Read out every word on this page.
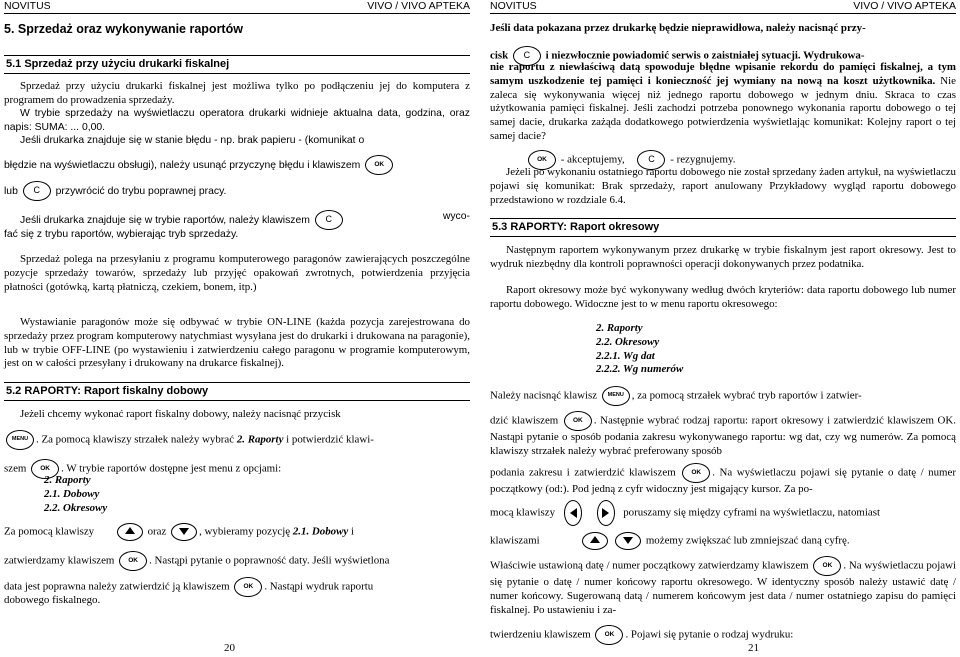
NOVITUS	VIVO / VIVO APTEKA
5. Sprzedaż oraz wykonywanie raportów
5.1 Sprzedaż przy użyciu drukarki fiskalnej

Sprzedaż przy użyciu drukarki fiskalnej jest możliwa tylko po podłączeniu jej do komputera z programem do prowadzenia sprzedaży.

W trybie sprzedaży na wyświetlaczu operatora drukarki widnieje aktualna data, godzina, oraz napis: SUMA: ... 0,00.

Jeśli drukarka znajduje się w stanie błędu - np. brak papieru - (komunikat o

błędzie na wyświetlaczu obsługi), należy usunąć przyczynę błędu i klawiszem OK
lub C przywrócić do trybu poprawnej pracy.
Jeśli drukarka znajduje się w trybie raportów, należy klawiszem C	wyco-

fać się z trybu raportów, wybierając tryb sprzedaży.

Sprzedaż polega na przesyłaniu z programu komputerowego paragonów zawierających poszczególne pozycje sprzedaży towarów, sprzedaży lub przyjęć opakowań zwrotnych, potwierdzenia przyjęcia płatności (gotówką, kartą płatniczą, czekiem, bonem, itp.)

Wystawianie paragonów może się odbywać w trybie ON-LINE (każda pozycja zarejestrowana do sprzedaży przez program komputerowy natychmiast wysyłana jest do drukarki i drukowana na paragonie), lub w trybie OFF-LINE (po wystawieniu i zatwierdzeniu całego paragonu w programie komputerowym, jest on w całości przesyłany i drukowany na drukarce fiskalnej).

5.2 RAPORTY: Raport fiskalny dobowy

Jeżeli chcemy wykonać raport fiskalny dobowy, należy nacisnąć przycisk

MENU . Za pomocą klawiszy strzałek należy wybrać 2. Raporty i potwierdzić klawi-
szem OK . W trybie raportów dostępne jest menu z opcjami:
2. Raporty
2.1. Dobowy
2.2. Okresowy
Za pomocą klawiszy	oraz	, wybieramy pozycję 2.1. Dobowy i
zatwierdzamy klawiszem OK . Nastąpi pytanie o poprawność daty. Jeśli wyświetlona
data jest poprawna należy zatwierdzić ją klawiszem OK . Nastąpi wydruk raportu

dobowego fiskalnego.

20
NOVITUS	VIVO / VIVO APTEKA

Jeśli data pokazana przez drukarkę będzie nieprawidłowa, należy nacisnąć przy-

cisk C i niezwłocznie powiadomić serwis o zaistniałej sytuacji. Wydrukowa-

nie raportu z niewłaściwą datą spowoduje błędne wpisanie rekordu do pamięci fiskalnej, a tym samym uszkodzenie tej pamięci i konieczność jej wymiany na nową na koszt użytkownika. Nie zaleca się wykonywania więcej niż jednego raportu dobowego w jednym dniu. Skraca to czas użytkowania pamięci fiskalnej. Jeśli zachodzi potrzeba ponownego wykonania raportu dobowego o tej samej dacie, drukarka zażąda dodatkowego potwierdzenia wyświetlając komunikat: Kolejny raport o tej samej dacie?

OK - akceptujemy,	C - rezygnujemy.

Jeżeli po wykonaniu ostatniego raportu dobowego nie został sprzedany żaden artykuł, na wyświetlaczu pojawi się komunikat: Brak sprzedaży, raport anulowany Przykładowy wygląd raportu dobowego przedstawiono w rozdziale 6.4.

5.3 RAPORTY: Raport okresowy

Następnym raportem wykonywanym przez drukarkę w trybie fiskalnym jest raport okresowy. Jest to wydruk niezbędny dla kontroli poprawności operacji dokonywanych przez podatnika.

Raport okresowy może być wykonywany według dwóch kryteriów: data raportu dobowego lub numer raportu dobowego. Widoczne jest to w menu raportu okresowego:

2. Raporty
2.2. Okresowy
2.2.1. Wg dat
2.2.2. Wg numerów
Należy nacisnąć klawisz MENU , za pomocą strzałek wybrać tryb raportów i zatwier-
dzić klawiszem OK . Następnie wybrać rodzaj raportu: raport okresowy i zatwierdzić klawiszem OK. Nastąpi pytanie o sposób podania zakresu wykonywanego raportu: wg dat, czy wg numerów. Za pomocą klawiszy strzałek należy wybrać preferowany sposób
podania zakresu i zatwierdzić klawiszem OK . Na wyświetlaczu pojawi się pytanie o datę / numer początkowy (od:). Pod jedną z cyfr widoczny jest migający kursor. Za po-
mocą klawiszy	poruszamy się między cyframi na wyświetlaczu, natomiast
klawiszami	możemy zwiększać lub zmniejszać daną cyfrę.
Właściwie ustawioną datę / numer początkowy zatwierdzamy klawiszem OK . Na wyświetlaczu pojawi się pytanie o datę / numer końcowy raportu okresowego. W identyczny sposób należy ustawić datę / numer końcowy. Sugerowaną datą / numerem końcowym jest data / numer ostatniego zapisu do pamięci fiskalnej. Po ustawieniu i za-
twierdzeniu klawiszem OK . Pojawi się pytanie o rodzaj wydruku:
21
